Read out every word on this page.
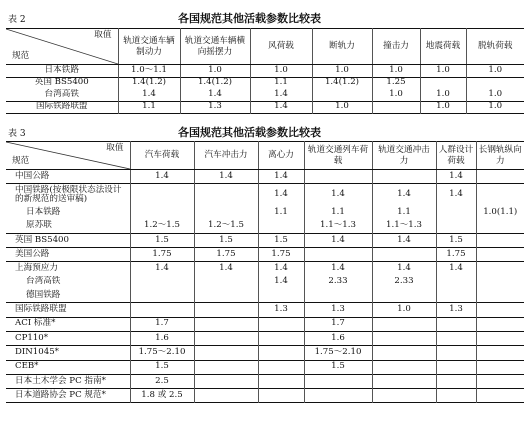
表 2	各国规范其他活载参数比较表
取值
规范	轨道交通车辆制动力	轨道交通车辆横向摇摆力	风荷载	断轨力	撞击力	地震荷载	脱轨荷载
日本铁路	1.0～1.1	1.0	1.0	1.0	1.0	1.0	1.0
英国 BS5400	1.4(1.2)	1.4(1.2)	1.1	1.4(1.2)	1.25		
台湾高铁	1.4	1.4	1.4		1.0	1.0	1.0
国际铁路联盟	1.1	1.3	1.4	1.0		1.0	1.0
表 3	各国规范其他活载参数比较表
取值
规范	汽车荷载	汽车冲击力	离心力	轨道交通列车荷载	轨道交通冲击力	人群设计荷载	长钢轨纵向力
中国公路	1.4	1.4	1.4			1.4	
中国铁路(按极限状态法设计的新规范的送审稿)			1.4	1.4	1.4	1.4	
日本铁路			1.1	1.1	1.1		1.0(1.1)
原苏联	1.2～1.5	1.2～1.5		1.1～1.3	1.1～1.3		
英国 BS5400	1.5	1.5	1.5	1.4	1.4	1.5	
美国公路	1.75	1.75	1.75			1.75	
上海预应力	1.4	1.4	1.4	1.4	1.4	1.4	
台湾高铁			1.4	2.33	2.33		
德国铁路							
国际铁路联盟			1.3	1.3	1.0	1.3	
ACI 标准*	1.7			1.7			
CP110*	1.6			1.6			
DIN1045*	1.75～2.10			1.75～2.10			
CEB*	1.5			1.5			
日本土木学会 PC 指南*	2.5						
日本道路协会 PC 规范*	1.8 或 2.5						
